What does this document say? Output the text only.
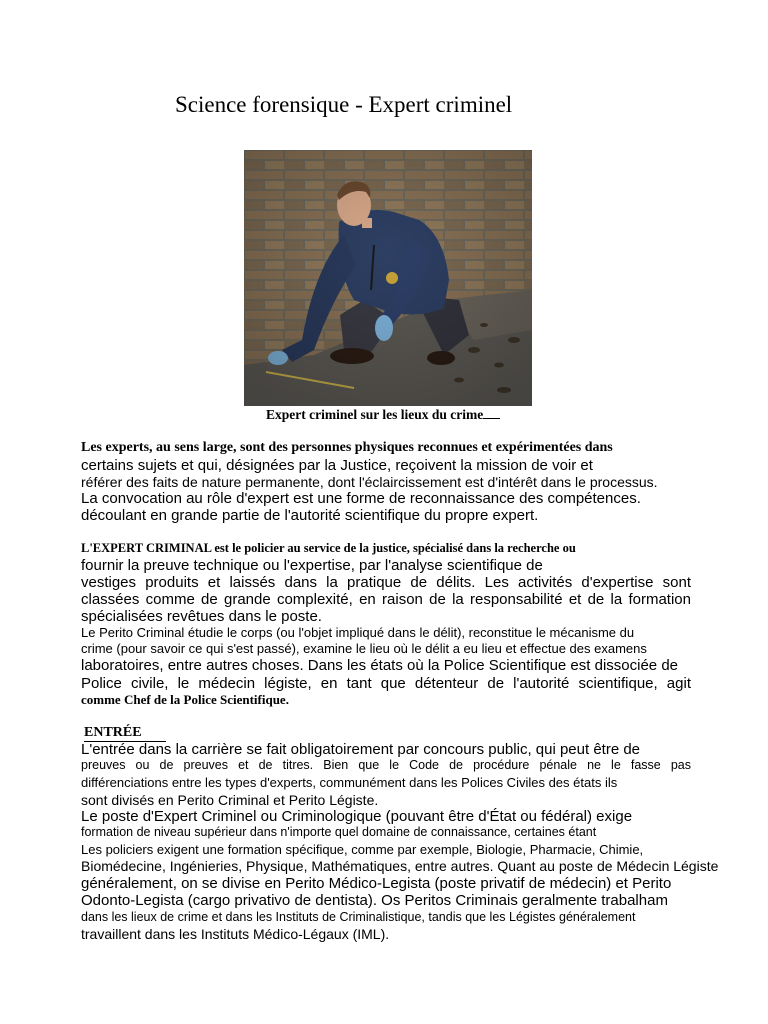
Science forensique - Expert criminel
Expert criminel sur les lieux du crime
Les experts, au sens large, sont des personnes physiques reconnues et expérimentées dans
certains sujets et qui, désignées par la Justice, reçoivent la mission de voir et
référer des faits de nature permanente, dont l'éclaircissement est d'intérêt dans le processus.
La convocation au rôle d'expert est une forme de reconnaissance des compétences.
découlant en grande partie de l'autorité scientifique du propre expert.
L'EXPERT CRIMINAL est le policier au service de la justice, spécialisé dans la recherche ou
fournir la preuve technique ou l'expertise, par l'analyse scientifique de
vestiges produits et laissés dans la pratique de délits. Les activités d'expertise sont
classées comme de grande complexité, en raison de la responsabilité et de la formation
spécialisées revêtues dans le poste.
Le Perito Criminal étudie le corps (ou l'objet impliqué dans le délit), reconstitue le mécanisme du
crime (pour savoir ce qui s'est passé), examine le lieu où le délit a eu lieu et effectue des examens
laboratoires, entre autres choses. Dans les états où la Police Scientifique est dissociée de
Police civile, le médecin légiste, en tant que détenteur de l'autorité scientifique, agit
comme Chef de la Police Scientifique.
ENTRÉE
L'entrée dans la carrière se fait obligatoirement par concours public, qui peut être de
preuves ou de preuves et de titres. Bien que le Code de procédure pénale ne le fasse pas
différenciations entre les types d'experts, communément dans les Polices Civiles des états ils
sont divisés en Perito Criminal et Perito Légiste.
Le poste d'Expert Criminel ou Criminologique (pouvant être d'État ou fédéral) exige
formation de niveau supérieur dans n'importe quel domaine de connaissance, certaines étant
Les policiers exigent une formation spécifique, comme par exemple, Biologie, Pharmacie, Chimie,
Biomédecine, Ingénieries, Physique, Mathématiques, entre autres. Quant au poste de Médecin Légiste
généralement, on se divise en Perito Médico-Legista (poste privatif de médecin) et Perito
Odonto-Legista (cargo privativo de dentista). Os Peritos Criminais geralmente trabalham
dans les lieux de crime et dans les Instituts de Criminalistique, tandis que les Légistes généralement
travaillent dans les Instituts Médico-Légaux (IML).
